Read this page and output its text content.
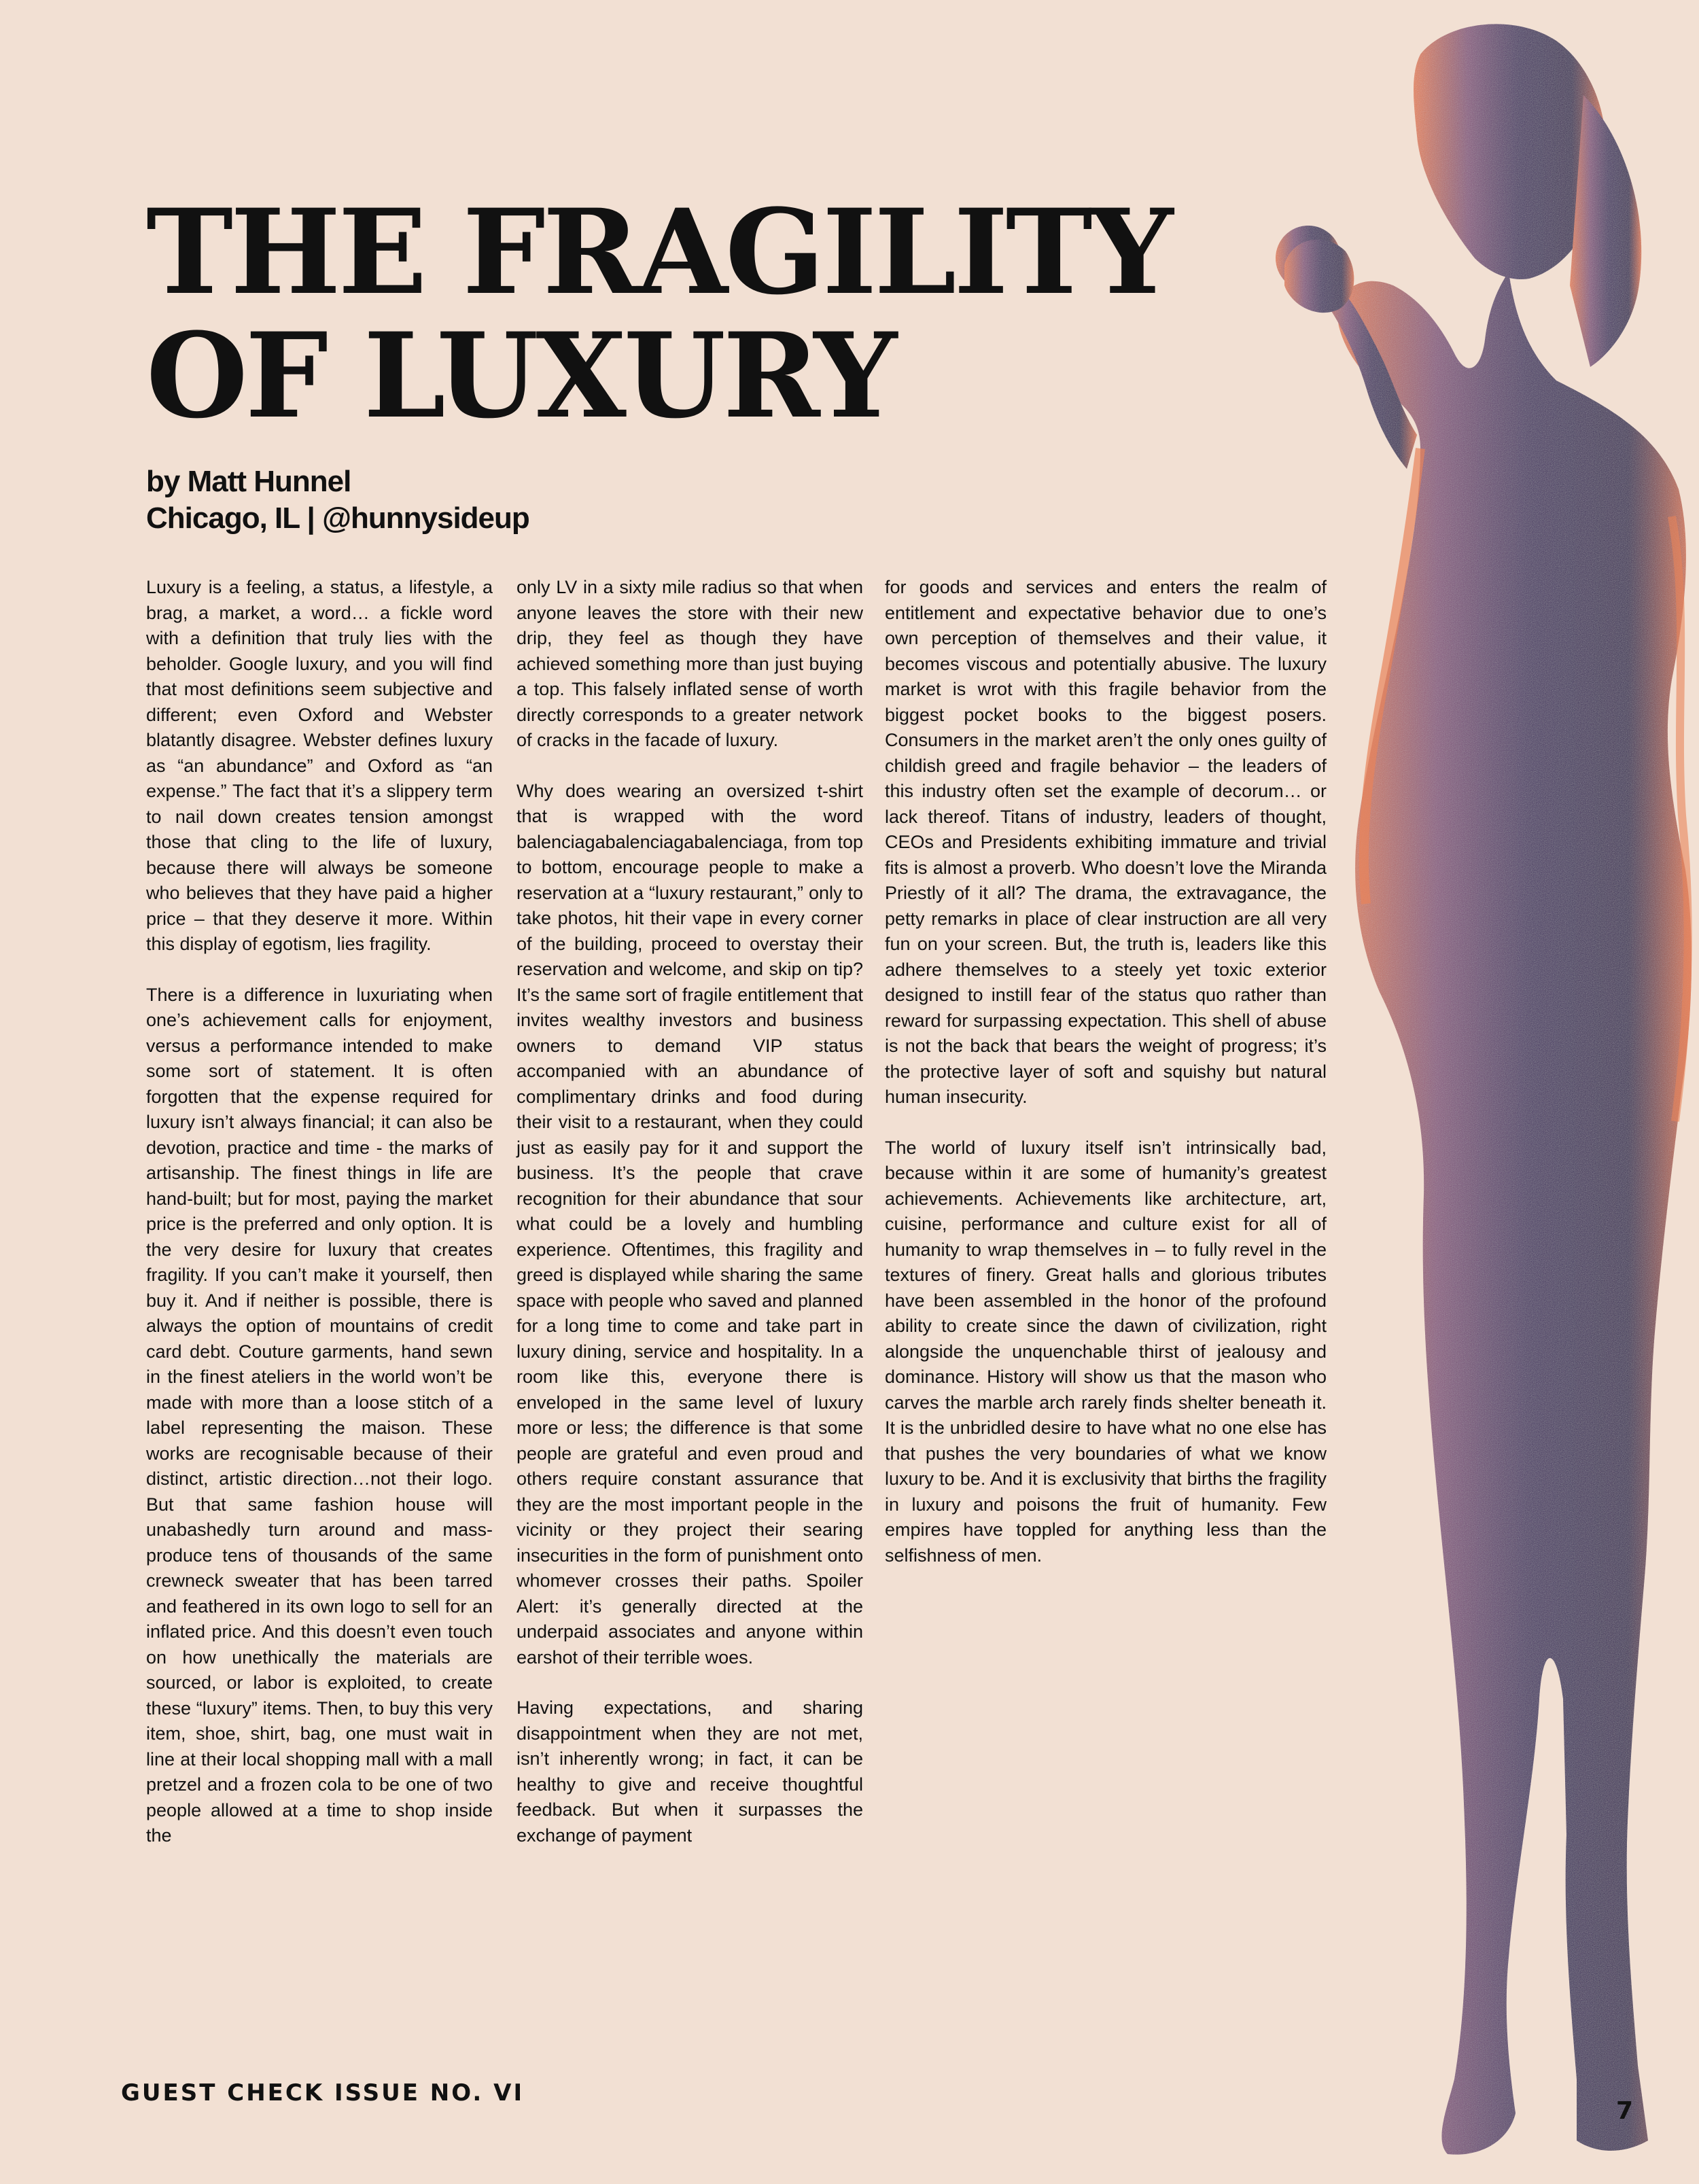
THE FRAGILITY
OF LUXURY
by Matt Hunnel
Chicago, IL | @hunnysideup

Luxury is a feeling, a status, a lifestyle, a brag, a market, a word… a fickle word with a definition that truly lies with the beholder. Google luxury, and you will find that most definitions seem subjective and different; even Oxford and Webster blatantly disagree. Webster defines luxury as “an abundance” and Oxford as “an expense.” The fact that it’s a slippery term to nail down creates tension amongst those that cling to the life of luxury, because there will always be someone who believes that they have paid a higher price – that they deserve it more. Within this display of egotism, lies fragility.

There is a difference in luxuriating when one’s achievement calls for enjoyment, versus a performance intended to make some sort of statement. It is often forgotten that the expense required for luxury isn’t always financial; it can also be devotion, practice and time - the marks of artisanship. The finest things in life are hand-built; but for most, paying the market price is the preferred and only option. It is the very desire for luxury that creates fragility. If you can’t make it yourself, then buy it. And if neither is possible, there is always the option of mountains of credit card debt. Couture garments, hand sewn in the finest ateliers in the world won’t be made with more than a loose stitch of a label representing the maison. These works are recognisable because of their distinct, artistic direction…not their logo. But that same fashion house will unabashedly turn around and mass-produce tens of thousands of the same crewneck sweater that has been tarred and feathered in its own logo to sell for an inflated price. And this doesn’t even touch on how unethically the materials are sourced, or labor is exploited, to create these “luxury” items. Then, to buy this very item, shoe, shirt, bag, one must wait in line at their local shopping mall with a mall pretzel and a frozen cola to be one of two people allowed at a time to shop inside the

only LV in a sixty mile radius so that when anyone leaves the store with their new drip, they feel as though they have achieved something more than just buying a top. This falsely inflated sense of worth directly corresponds to a greater network of cracks in the facade of luxury.

Why does wearing an oversized t-shirt that is wrapped with the word balenciagabalenciagabalenciaga, from top to bottom, encourage people to make a reservation at a “luxury restaurant,” only to take photos, hit their vape in every corner of the building, proceed to overstay their reservation and welcome, and skip on tip? It’s the same sort of fragile entitlement that invites wealthy investors and business owners to demand VIP status accompanied with an abundance of complimentary drinks and food during their visit to a restaurant, when they could just as easily pay for it and support the business. It’s the people that crave recognition for their abundance that sour what could be a lovely and humbling experience. Oftentimes, this fragility and greed is displayed while sharing the same space with people who saved and planned for a long time to come and take part in luxury dining, service and hospitality. In a room like this, everyone there is enveloped in the same level of luxury more or less; the difference is that some people are grateful and even proud and others require constant assurance that they are the most important people in the vicinity or they project their searing insecurities in the form of punishment onto whomever crosses their paths. Spoiler Alert: it’s generally directed at the underpaid associates and anyone within earshot of their terrible woes.

Having expectations, and sharing disappointment when they are not met, isn’t inherently wrong; in fact, it can be healthy to give and receive thoughtful feedback. But when it surpasses the exchange of payment

for goods and services and enters the realm of entitlement and expectative behavior due to one’s own perception of themselves and their value, it becomes viscous and potentially abusive. The luxury market is wrot with this fragile behavior from the biggest pocket books to the biggest posers. Consumers in the market aren’t the only ones guilty of childish greed and fragile behavior – the leaders of this industry often set the example of decorum… or lack thereof. Titans of industry, leaders of thought, CEOs and Presidents exhibiting immature and trivial fits is almost a proverb. Who doesn’t love the Miranda Priestly of it all? The drama, the extravagance, the petty remarks in place of clear instruction are all very fun on your screen. But, the truth is, leaders like this adhere themselves to a steely yet toxic exterior designed to instill fear of the status quo rather than reward for surpassing expectation. This shell of abuse is not the back that bears the weight of progress; it’s the protective layer of soft and squishy but natural human insecurity.

The world of luxury itself isn’t intrinsically bad, because within it are some of humanity’s greatest achievements. Achievements like architecture, art, cuisine, performance and culture exist for all of humanity to wrap themselves in – to fully revel in the textures of finery. Great halls and glorious tributes have been assembled in the honor of the profound ability to create since the dawn of civilization, right alongside the unquenchable thirst of jealousy and dominance. History will show us that the mason who carves the marble arch rarely finds shelter beneath it. It is the unbridled desire to have what no one else has that pushes the very boundaries of what we know luxury to be. And it is exclusivity that births the fragility in luxury and poisons the fruit of humanity. Few empires have toppled for anything less than the selfishness of men.

GUEST CHECK ISSUE NO. VI
7
